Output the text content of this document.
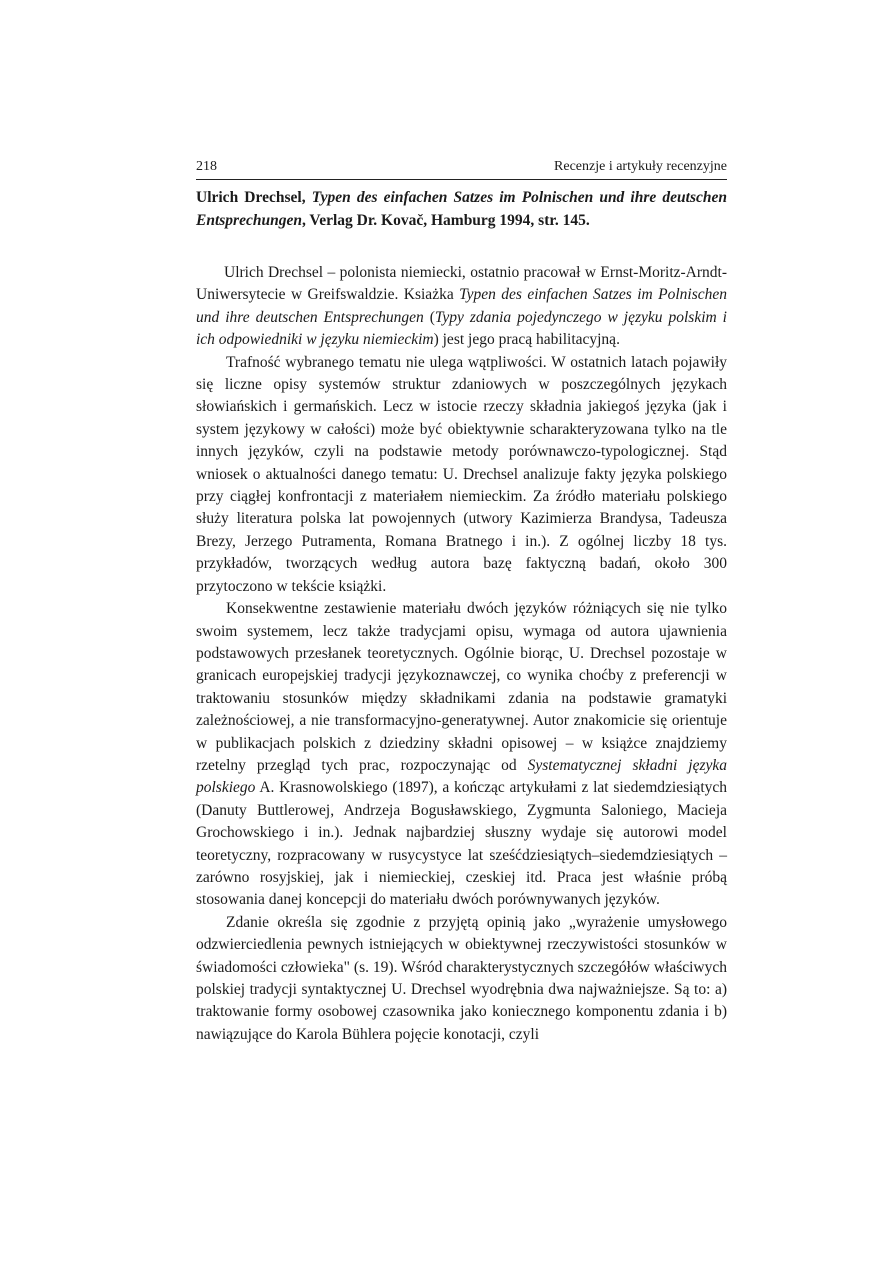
218	Recenzje i artykuły recenzyjne
Ulrich Drechsel, Typen des einfachen Satzes im Polnischen und ihre deutschen Entsprechungen, Verlag Dr. Kovač, Hamburg 1994, str. 145.

Ulrich Drechsel – polonista niemiecki, ostatnio pracował w Ernst-Moritz-Arndt-Uniwersytecie w Greifswaldzie. Ksiażka Typen des einfachen Satzes im Polnischen und ihre deutschen Entsprechungen (Typy zdania pojedynczego w języku polskim i ich odpowiedniki w języku niemieckim) jest jego pracą habilitacyjną.

Trafność wybranego tematu nie ulega wątpliwości. W ostatnich latach pojawiły się liczne opisy systemów struktur zdaniowych w poszczególnych językach słowiańskich i germańskich. Lecz w istocie rzeczy składnia jakiegoś języka (jak i system językowy w całości) może być obiektywnie scharakteryzowana tylko na tle innych języków, czyli na podstawie metody porównawczo-typologicznej. Stąd wniosek o aktualności danego tematu: U. Drechsel analizuje fakty języka polskiego przy ciągłej konfrontacji z materiałem niemieckim. Za źródło materiału polskiego służy literatura polska lat powojennych (utwory Kazimierza Brandysa, Tadeusza Brezy, Jerzego Putramenta, Romana Bratnego i in.). Z ogólnej liczby 18 tys. przykładów, tworzących według autora bazę faktyczną badań, około 300 przytoczono w tekście książki.

Konsekwentne zestawienie materiału dwóch języków różniących się nie tylko swoim systemem, lecz także tradycjami opisu, wymaga od autora ujawnienia podstawowych przesłanek teoretycznych. Ogólnie biorąc, U. Drechsel pozostaje w granicach europejskiej tradycji językoznawczej, co wynika choćby z preferencji w traktowaniu stosunków między składnikami zdania na podstawie gramatyki zależnościowej, a nie transformacyjno-generatywnej. Autor znakomicie się orientuje w publikacjach polskich z dziedziny składni opisowej – w książce znajdziemy rzetelny przegląd tych prac, rozpoczynając od Systematycznej składni języka polskiego A. Krasnowolskiego (1897), a kończąc artykułami z lat siedemdziesiątych (Danuty Buttlerowej, Andrzeja Bogusławskiego, Zygmunta Saloniego, Macieja Grochowskiego i in.). Jednak najbardziej słuszny wydaje się autorowi model teoretyczny, rozpracowany w rusycystyce lat sześćdziesiątych–siedemdziesiątych – zarówno rosyjskiej, jak i niemieckiej, czeskiej itd. Praca jest właśnie próbą stosowania danej koncepcji do materiału dwóch porównywanych języków.

Zdanie określa się zgodnie z przyjętą opinią jako „wyrażenie umysłowego odzwierciedlenia pewnych istniejących w obiektywnej rzeczywistości stosunków w świadomości człowieka" (s. 19). Wśród charakterystycznych szczegółów właściwych polskiej tradycji syntaktycznej U. Drechsel wyodrębnia dwa najważniejsze. Są to: a) traktowanie formy osobowej czasownika jako koniecznego komponentu zdania i b) nawiązujące do Karola Bühlera pojęcie konotacji, czyli
